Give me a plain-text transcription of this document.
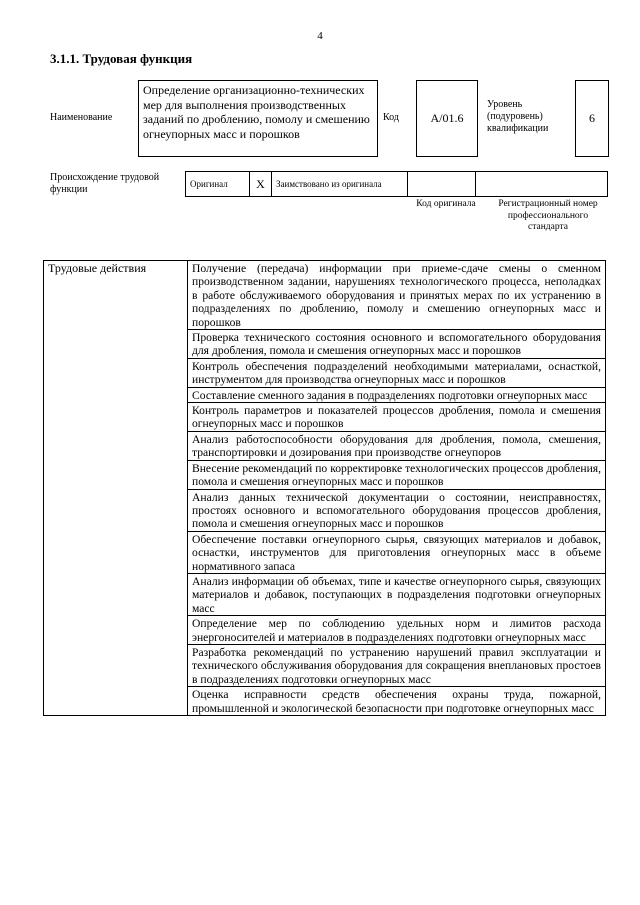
4
3.1.1. Трудовая функция
Наименование
Определение организационно-технических мер для выполнения производственных заданий по дроблению, помолу и смешению огнеупорных масс и порошков
Код	А/01.6
Уровень (подуровень) квалификации
6
Происхождение трудовой функции	Оригинал	X	Заимствовано из оригинала		
Код оригинала	Регистрационный номер профессионального стандарта
Трудовые действия	Получение (передача) информации при приеме-сдаче смены о сменном производственном задании, нарушениях технологического процесса, неполадках в работе обслуживаемого оборудования и принятых мерах по их устранению в подразделениях по дроблению, помолу и смешению огнеупорных масс и порошков
Проверка технического состояния основного и вспомогательного оборудования для дробления, помола и смешения огнеупорных масс и порошков
Контроль обеспечения подразделений необходимыми материалами, оснасткой, инструментом для производства огнеупорных масс и порошков
Составление сменного задания в подразделениях подготовки огнеупорных масс
Контроль параметров и показателей процессов дробления, помола и смешения огнеупорных масс и порошков
Анализ работоспособности оборудования для дробления, помола, смешения, транспортировки и дозирования при производстве огнеупоров
Внесение рекомендаций по корректировке технологических процессов дробления, помола и смешения огнеупорных масс и порошков
Анализ данных технической документации о состоянии, неисправностях, простоях основного и вспомогательного оборудования процессов дробления, помола и смешения огнеупорных масс и порошков
Обеспечение поставки огнеупорного сырья, связующих материалов и добавок, оснастки, инструментов для приготовления огнеупорных масс в объеме нормативного запаса
Анализ информации об объемах, типе и качестве огнеупорного сырья, связующих материалов и добавок, поступающих в подразделения подготовки огнеупорных масс
Определение мер по соблюдению удельных норм и лимитов расхода энергоносителей и материалов в подразделениях подготовки огнеупорных масс
Разработка рекомендаций по устранению нарушений правил эксплуатации и технического обслуживания оборудования для сокращения внеплановых простоев в подразделениях подготовки огнеупорных масс
Оценка исправности средств обеспечения охраны труда, пожарной, промышленной и экологической безопасности при подготовке огнеупорных масс
